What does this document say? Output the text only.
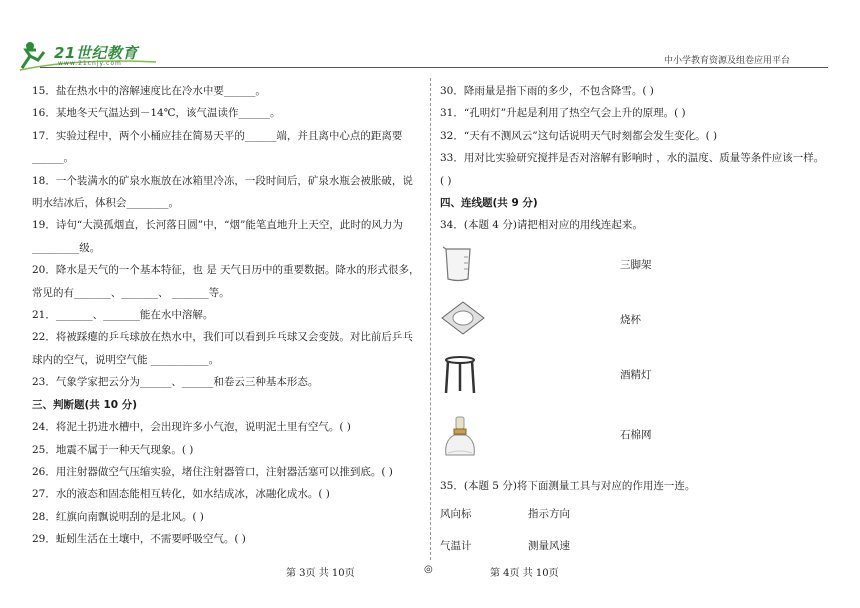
21世纪教育
www.21cnjy.com	中小学教育资源及组卷应用平台
15．盐在热水中的溶解速度比在冷水中要______。
16．某地冬天气温达到－14℃，该气温读作______。
17．实验过程中，两个小桶应挂在简易天平的______端，并且离中心点的距离要
______。
18．一个装满水的矿泉水瓶放在冰箱里冷冻，一段时间后，矿泉水瓶会被胀破，说
明水结冰后，体积会________。
19．诗句“大漠孤烟直，长河落日圆”中，“烟”能笔直地升上天空，此时的风力为
_________级。
20．降水是天气的一个基本特征，也 是 天气日历中的重要数据。降水的形式很多，
常见的有_______、_______、 _______等。
21．_______、_______能在水中溶解。
22．将被踩瘪的乒乓球放在热水中，我们可以看到乒乓球又会变鼓。对比前后乒乓
球内的空气，说明空气能 ___________。
23．气象学家把云分为______、______和卷云三种基本形态。
三、判断题(共 10 分)
24．将泥土扔进水槽中，会出现许多小气泡，说明泥土里有空气。( )
25．地震不属于一种天气现象。( )
26．用注射器做空气压缩实验，堵住注射器管口，注射器活塞可以推到底。( )
27．水的液态和固态能相互转化，如水结成冰，冰融化成水。( )
28．红旗向南飘说明刮的是北风。( )
29．蚯蚓生活在土壤中，不需要呼吸空气。( )
30．降雨量是指下雨的多少，不包含降雪。( )
31．“孔明灯”升起是利用了热空气会上升的原理。( )
32．“天有不测风云”这句话说明天气时刻都会发生变化。( )
33．用对比实验研究搅拌是否对溶解有影响时 ，水的温度、质量等条件应该一样。
( )
四、连线题(共 9 分)
34．(本题 4 分)请把相对应的用线连起来。
三脚架
烧杯
酒精灯
石棉网
35．(本题 5 分)将下面测量工具与对应的作用连一连。
风向标	指示方向
气温计	测量风速
第 3页 共 10页	◎	第 4页 共 10页
